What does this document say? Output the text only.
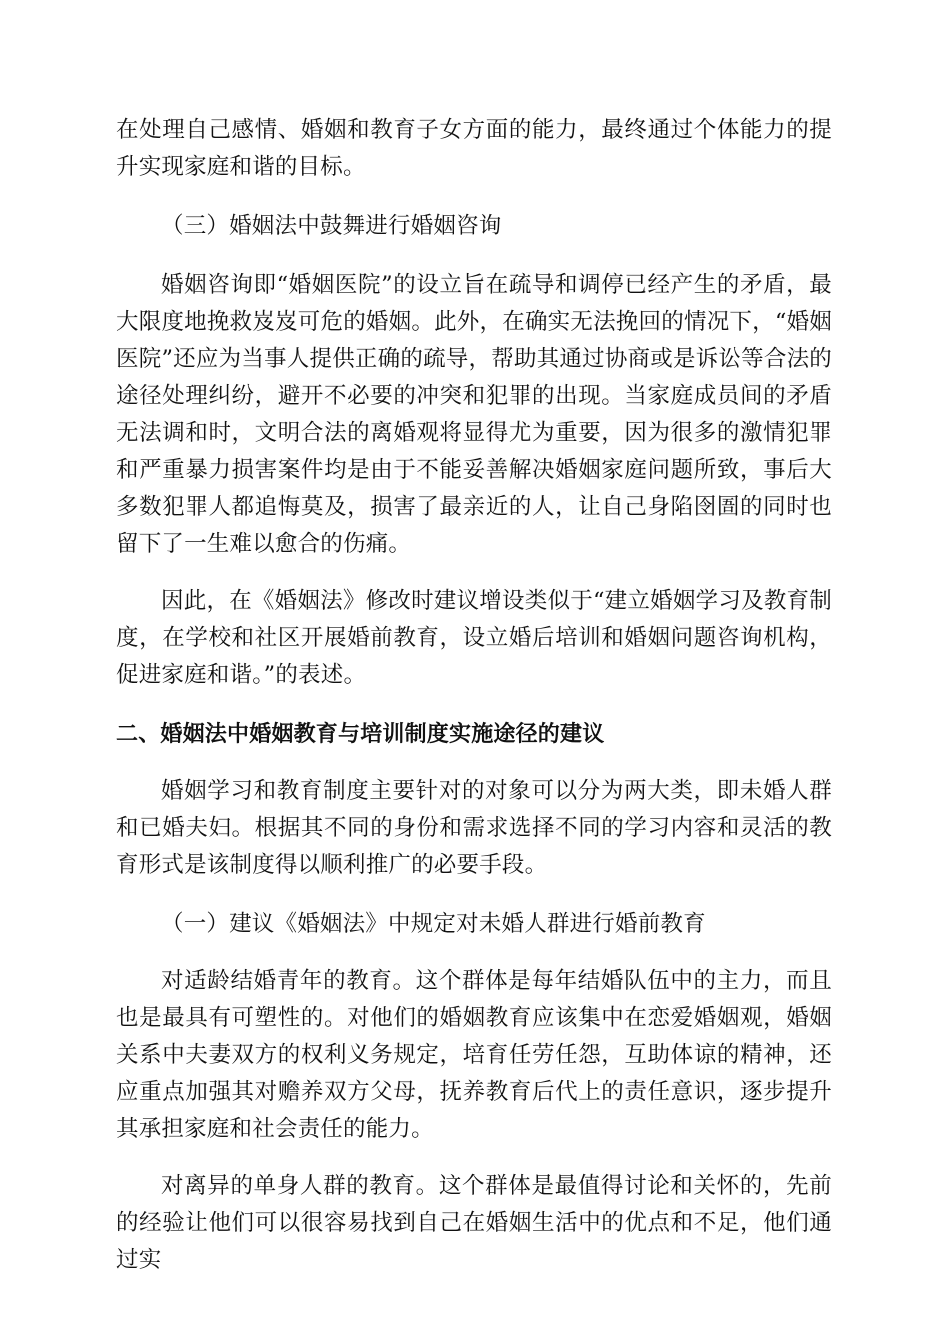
在处理自己感情、婚姻和教育子女方面的能力，最终通过个体能力的提升实现家庭和谐的目标。

（三）婚姻法中鼓舞进行婚姻咨询

婚姻咨询即“婚姻医院”的设立旨在疏导和调停已经产生的矛盾，最大限度地挽救岌岌可危的婚姻。此外，在确实无法挽回的情况下，“婚姻医院”还应为当事人提供正确的疏导，帮助其通过协商或是诉讼等合法的途径处理纠纷，避开不必要的冲突和犯罪的出现。当家庭成员间的矛盾无法调和时，文明合法的离婚观将显得尤为重要，因为很多的激情犯罪和严重暴力损害案件均是由于不能妥善解决婚姻家庭问题所致，事后大多数犯罪人都追悔莫及，损害了最亲近的人，让自己身陷囹圄的同时也留下了一生难以愈合的伤痛。

因此，在《婚姻法》修改时建议增设类似于“建立婚姻学习及教育制度，在学校和社区开展婚前教育，设立婚后培训和婚姻问题咨询机构，促进家庭和谐。”的表述。

二、婚姻法中婚姻教育与培训制度实施途径的建议

婚姻学习和教育制度主要针对的对象可以分为两大类，即未婚人群和已婚夫妇。根据其不同的身份和需求选择不同的学习内容和灵活的教育形式是该制度得以顺利推广的必要手段。

（一）建议《婚姻法》中规定对未婚人群进行婚前教育

对适龄结婚青年的教育。这个群体是每年结婚队伍中的主力，而且也是最具有可塑性的。对他们的婚姻教育应该集中在恋爱婚姻观，婚姻关系中夫妻双方的权利义务规定，培育任劳任怨，互助体谅的精神，还应重点加强其对赡养双方父母，抚养教育后代上的责任意识，逐步提升其承担家庭和社会责任的能力。

对离异的单身人群的教育。这个群体是最值得讨论和关怀的，先前的经验让他们可以很容易找到自己在婚姻生活中的优点和不足，他们通过实
